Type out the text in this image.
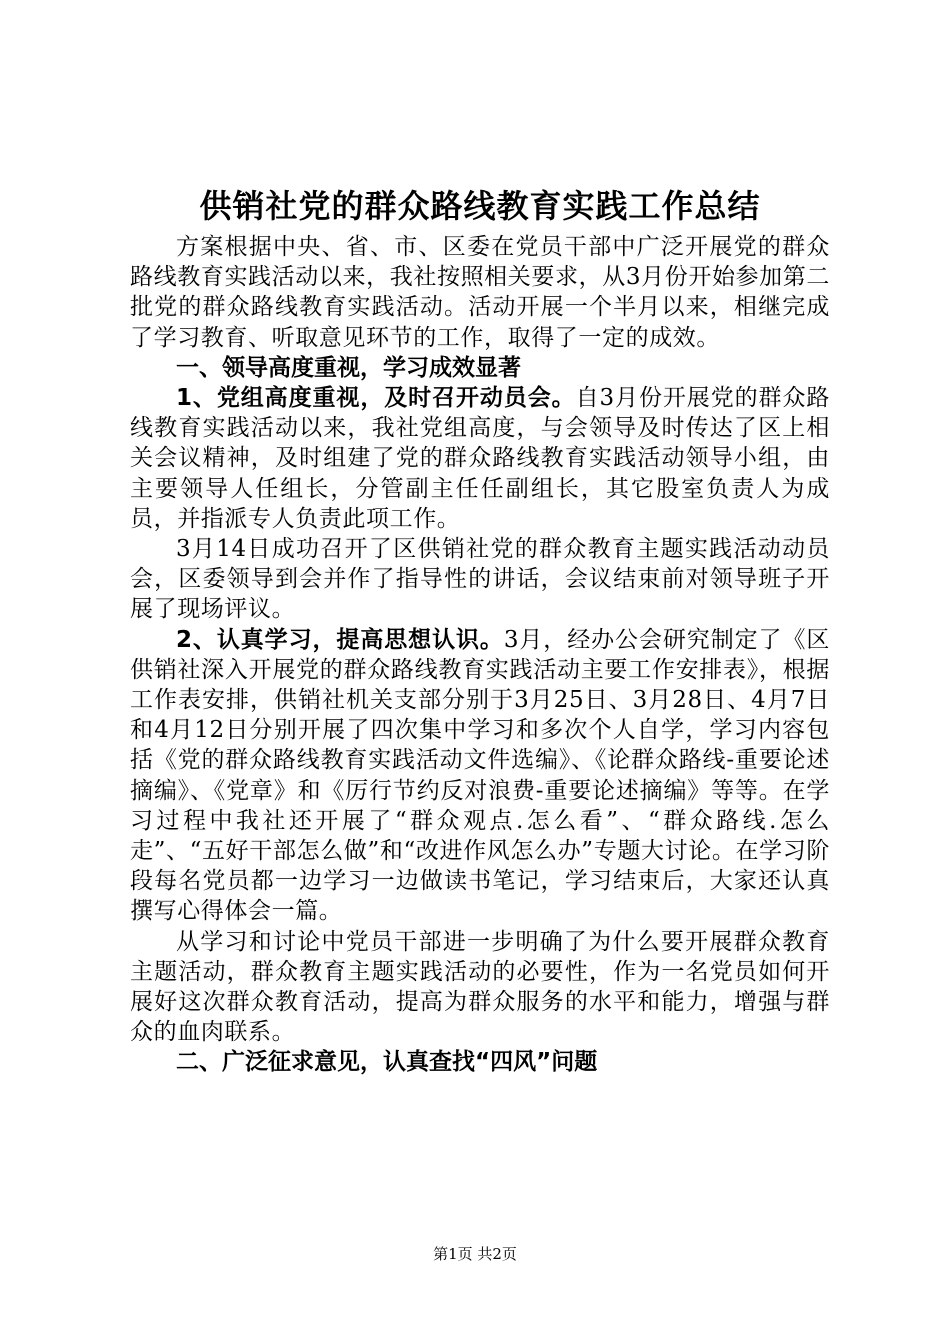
供销社党的群众路线教育实践工作总结

方案根据中央、省、市、区委在党员干部中广泛开展党的群众路线教育实践活动以来，我社按照相关要求，从3月份开始参加第二批党的群众路线教育实践活动。活动开展一个半月以来，相继完成了学习教育、听取意见环节的工作，取得了一定的成效。

一、领导高度重视，学习成效显著

1、党组高度重视，及时召开动员会。自3月份开展党的群众路线教育实践活动以来，我社党组高度，与会领导及时传达了区上相关会议精神，及时组建了党的群众路线教育实践活动领导小组，由主要领导人任组长，分管副主任任副组长，其它股室负责人为成员，并指派专人负责此项工作。

3月14日成功召开了区供销社党的群众教育主题实践活动动员会，区委领导到会并作了指导性的讲话，会议结束前对领导班子开展了现场评议。

2、认真学习，提高思想认识。3月，经办公会研究制定了《区供销社深入开展党的群众路线教育实践活动主要工作安排表》，根据工作表安排，供销社机关支部分别于3月25日、3月28日、4月7日和4月12日分别开展了四次集中学习和多次个人自学，学习内容包括《党的群众路线教育实践活动文件选编》、《论群众路线-重要论述摘编》、《党章》和《厉行节约反对浪费-重要论述摘编》等等。在学习过程中我社还开展了“群众观点.怎么看”、“群众路线.怎么走”、“五好干部怎么做”和“改进作风怎么办”专题大讨论。在学习阶段每名党员都一边学习一边做读书笔记，学习结束后，大家还认真撰写心得体会一篇。

从学习和讨论中党员干部进一步明确了为什么要开展群众教育主题活动，群众教育主题实践活动的必要性，作为一名党员如何开展好这次群众教育活动，提高为群众服务的水平和能力，增强与群众的血肉联系。

二、广泛征求意见，认真查找“四风”问题

第1页 共2页
